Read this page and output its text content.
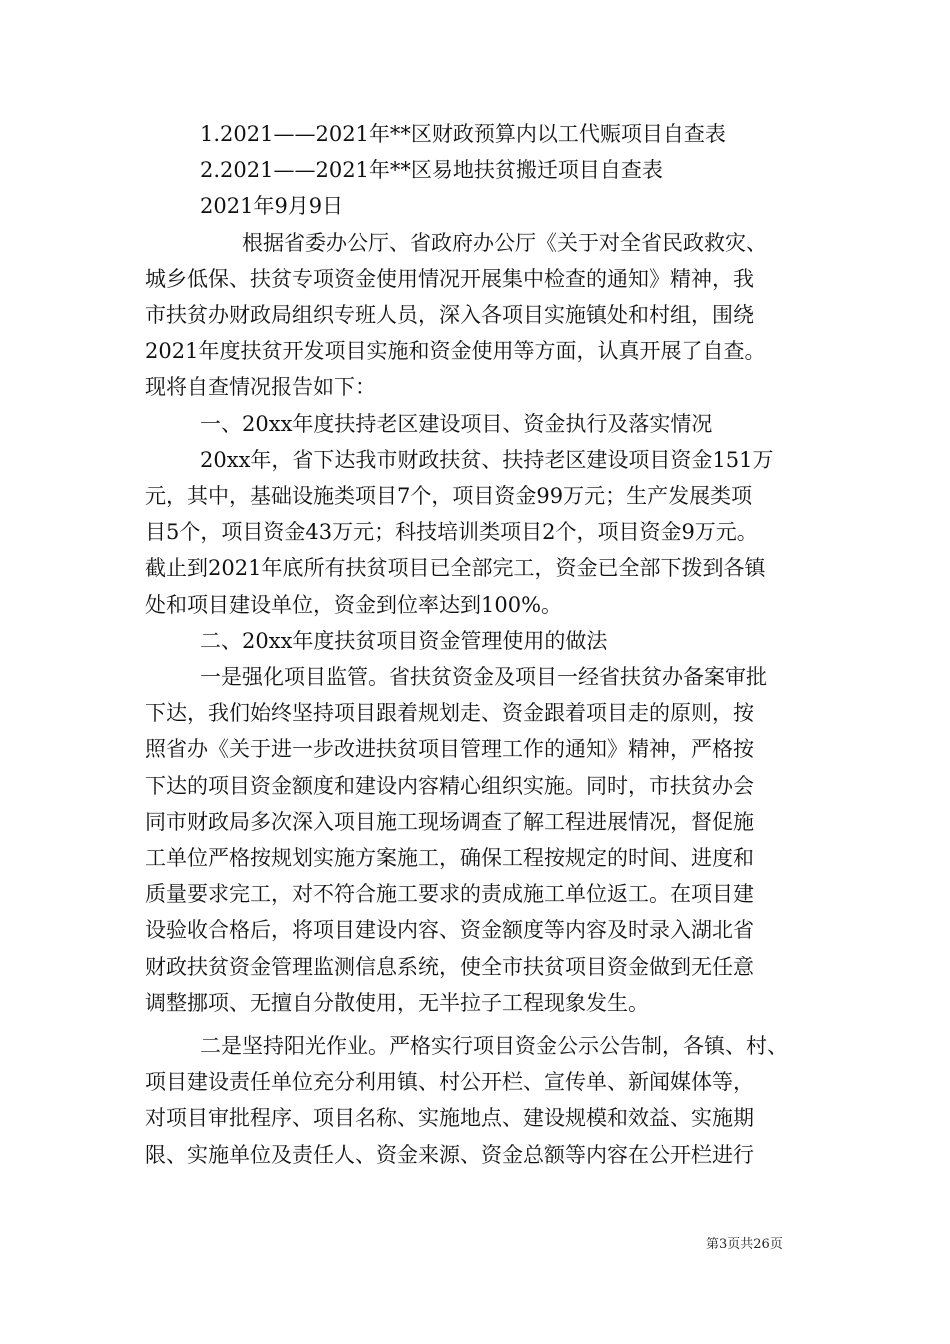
1.2021——2021年**区财政预算内以工代赈项目自查表
2.2021——2021年**区易地扶贫搬迁项目自查表
2021年9月9日
根据省委办公厅、省政府办公厅《关于对全省民政救灾、
城乡低保、扶贫专项资金使用情况开展集中检查的通知》精神，我
市扶贫办财政局组织专班人员，深入各项目实施镇处和村组，围绕
2021年度扶贫开发项目实施和资金使用等方面，认真开展了自查。
现将自查情况报告如下：
一、20xx年度扶持老区建设项目、资金执行及落实情况
20xx年，省下达我市财政扶贫、扶持老区建设项目资金151万
元，其中，基础设施类项目7个，项目资金99万元；生产发展类项
目5个，项目资金43万元；科技培训类项目2个，项目资金9万元。
截止到2021年底所有扶贫项目已全部完工，资金已全部下拨到各镇
处和项目建设单位，资金到位率达到100%。
二、20xx年度扶贫项目资金管理使用的做法
一是强化项目监管。省扶贫资金及项目一经省扶贫办备案审批
下达，我们始终坚持项目跟着规划走、资金跟着项目走的原则，按
照省办《关于进一步改进扶贫项目管理工作的通知》精神，严格按
下达的项目资金额度和建设内容精心组织实施。同时，市扶贫办会
同市财政局多次深入项目施工现场调查了解工程进展情况，督促施
工单位严格按规划实施方案施工，确保工程按规定的时间、进度和
质量要求完工，对不符合施工要求的责成施工单位返工。在项目建
设验收合格后，将项目建设内容、资金额度等内容及时录入湖北省
财政扶贫资金管理监测信息系统，使全市扶贫项目资金做到无任意
调整挪项、无擅自分散使用，无半拉子工程现象发生。
二是坚持阳光作业。严格实行项目资金公示公告制，各镇、村、
项目建设责任单位充分利用镇、村公开栏、宣传单、新闻媒体等，
对项目审批程序、项目名称、实施地点、建设规模和效益、实施期
限、实施单位及责任人、资金来源、资金总额等内容在公开栏进行
第3页共26页
